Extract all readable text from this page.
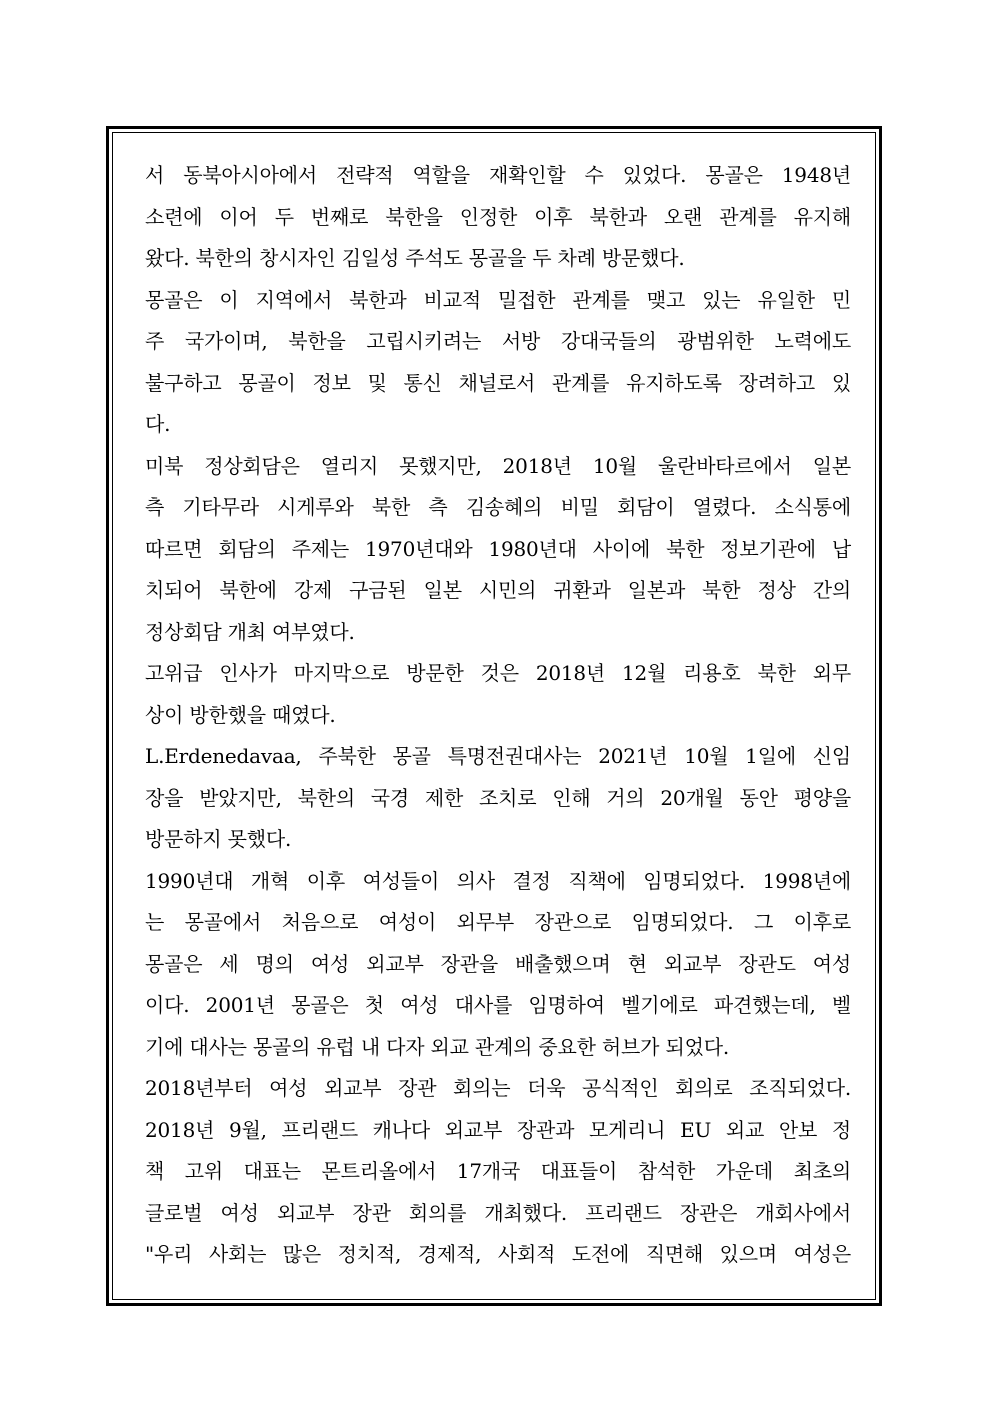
서 동북아시아에서 전략적 역할을 재확인할 수 있었다. 몽골은 1948년
소련에 이어 두 번째로 북한을 인정한 이후 북한과 오랜 관계를 유지해
왔다. 북한의 창시자인 김일성 주석도 몽골을 두 차례 방문했다.

몽골은 이 지역에서 북한과 비교적 밀접한 관계를 맺고 있는 유일한 민
주 국가이며, 북한을 고립시키려는 서방 강대국들의 광범위한 노력에도
불구하고 몽골이 정보 및 통신 채널로서 관계를 유지하도록 장려하고 있
다.

미북 정상회담은 열리지 못했지만, 2018년 10월 울란바타르에서 일본
측 기타무라 시게루와 북한 측 김송혜의 비밀 회담이 열렸다. 소식통에
따르면 회담의 주제는 1970년대와 1980년대 사이에 북한 정보기관에 납
치되어 북한에 강제 구금된 일본 시민의 귀환과 일본과 북한 정상 간의
정상회담 개최 여부였다.

고위급 인사가 마지막으로 방문한 것은 2018년 12월 리용호 북한 외무
상이 방한했을 때였다.

L.Erdenedavaa, 주북한 몽골 특명전권대사는 2021년 10월 1일에 신임
장을 받았지만, 북한의 국경 제한 조치로 인해 거의 20개월 동안 평양을
방문하지 못했다.

1990년대 개혁 이후 여성들이 의사 결정 직책에 임명되었다. 1998년에
는 몽골에서 처음으로 여성이 외무부 장관으로 임명되었다. 그 이후로
몽골은 세 명의 여성 외교부 장관을 배출했으며 현 외교부 장관도 여성
이다. 2001년 몽골은 첫 여성 대사를 임명하여 벨기에로 파견했는데, 벨
기에 대사는 몽골의 유럽 내 다자 외교 관계의 중요한 허브가 되었다.

2018년부터 여성 외교부 장관 회의는 더욱 공식적인 회의로 조직되었다.
2018년 9월, 프리랜드 캐나다 외교부 장관과 모게리니 EU 외교 안보 정
책 고위 대표는 몬트리올에서 17개국 대표들이 참석한 가운데 최초의
글로벌 여성 외교부 장관 회의를 개최했다. 프리랜드 장관은 개회사에서
"우리 사회는 많은 정치적, 경제적, 사회적 도전에 직면해 있으며 여성은
